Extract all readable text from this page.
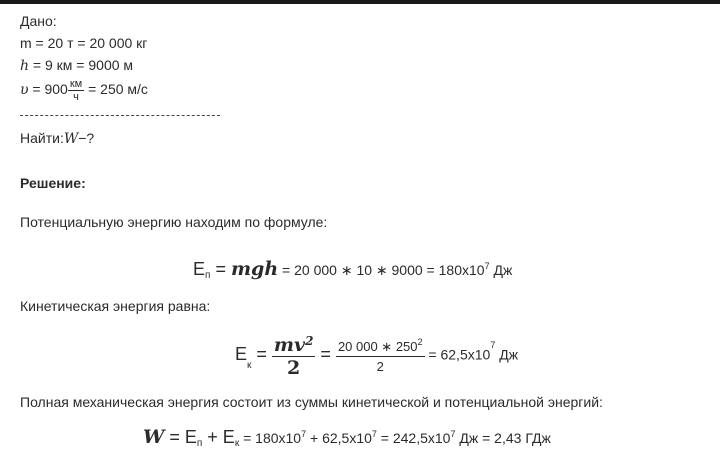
Дано:
m = 20 т = 20 000 кг
h = 9 км = 9000 м
$\upsilon = 900 \frac{км}{ч} = 250$ м/с
Найти:W−?
Решение:
Потенциальную энергию находим по формуле:
$E_п$ = mgh = 20 000 ∗ 10 ∗ $9000 = 180х10^7$ Дж
Кинетическая энергия равна:
$E_к = \frac{mv^2}{2} = \frac{20 000 ∗ 250^2}{2} = 62,5х10^7$ Дж
Полная механическая энергия состоит из суммы кинетической и потенциальной энергий:
$W = E_п + E_к = 180х10^7 + 62,5х10^7 = 242,5х10^7$ Дж = 2,43 ГДж
